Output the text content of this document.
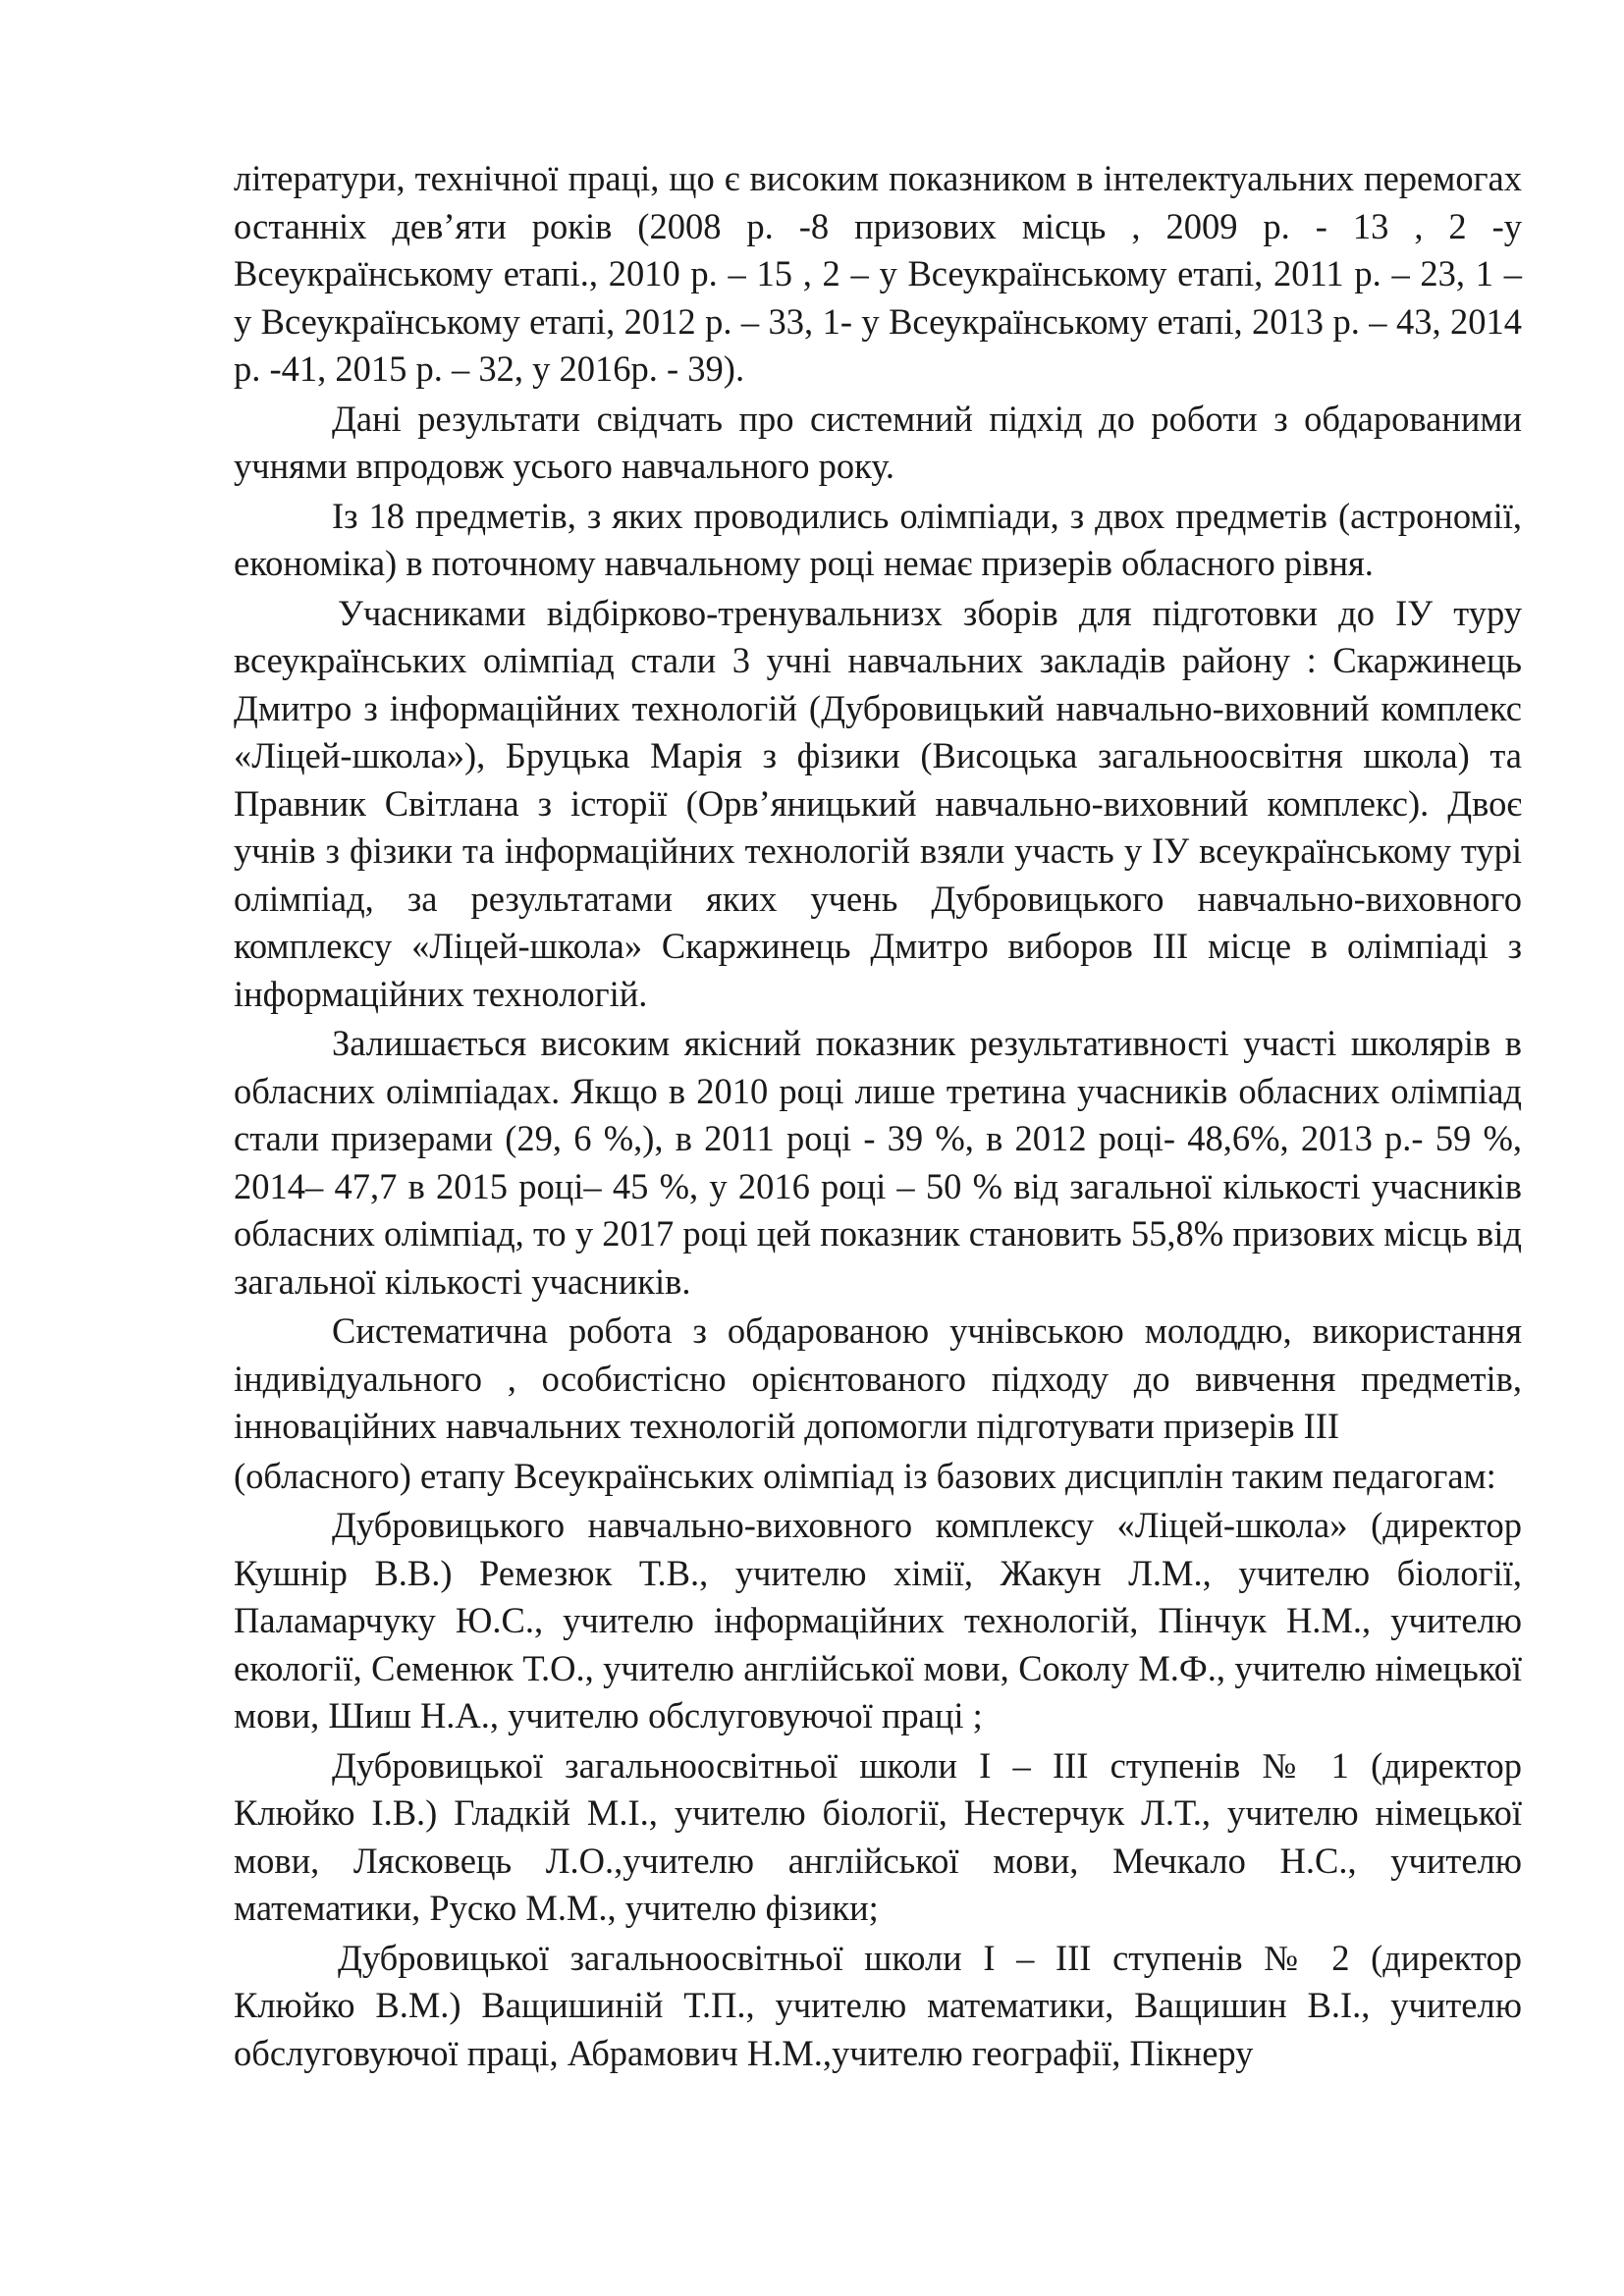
літератури, технічної праці, що є високим показником в інтелектуальних перемогах останніх дев’яти років (2008 р. -8 призових місць , 2009 р. - 13 , 2 -у Всеукраїнському етапі., 2010 р. – 15 , 2 – у Всеукраїнському етапі, 2011 р. – 23, 1 – у Всеукраїнському етапі, 2012 р. – 33, 1- у Всеукраїнському етапі, 2013 р. – 43, 2014 р. -41, 2015 р. – 32, у 2016р. - 39).

Дані результати свідчать про системний підхід до роботи з обдарованими учнями впродовж усього навчального року.

Із 18 предметів, з яких проводились олімпіади, з двох предметів (астрономії, економіка) в поточному навчальному році немає призерів обласного рівня.

Учасниками відбірково-тренувальнизх зборів для підготовки до ІУ туру всеукраїнських олімпіад стали 3 учні навчальних закладів району : Скаржинець Дмитро з інформаційних технологій (Дубровицький навчально-виховний комплекс «Ліцей-школа»), Бруцька Марія з фізики (Висоцька загальноосвітня школа) та Правник Світлана з історії (Орв’яницький навчально-виховний комплекс). Двоє учнів з фізики та інформаційних технологій взяли участь у ІУ всеукраїнському турі олімпіад, за результатами яких учень Дубровицького навчально-виховного комплексу «Ліцей-школа» Скаржинець Дмитро виборов ІІІ місце в олімпіаді з інформаційних технологій.

Залишається високим якісний показник результативності участі школярів в обласних олімпіадах. Якщо в 2010 році лише третина учасників обласних олімпіад стали призерами (29, 6 %,), в 2011 році - 39 %, в 2012 році- 48,6%, 2013 р.- 59 %, 2014– 47,7 в 2015 році– 45 %, у 2016 році – 50 % від загальної кількості учасників обласних олімпіад, то у 2017 році цей показник становить 55,8% призових місць від загальної кількості учасників.

Систематична робота з обдарованою учнівською молоддю, використання індивідуального , особистісно орієнтованого підходу до вивчення предметів, інноваційних навчальних технологій допомогли підготувати призерів ІІІ

(обласного) етапу Всеукраїнських олімпіад із базових дисциплін таким педагогам:

Дубровицького навчально-виховного комплексу «Ліцей-школа» (директор Кушнір В.В.) Ремезюк Т.В., учителю хімії, Жакун Л.М., учителю біології, Паламарчуку Ю.С., учителю інформаційних технологій, Пінчук Н.М., учителю екології, Семенюк Т.О., учителю англійської мови, Соколу М.Ф., учителю німецької мови, Шиш Н.А., учителю обслуговуючої праці ;

Дубровицької загальноосвітньої школи І – ІІІ ступенів № 1 (директор Клюйко І.В.) Гладкій М.І., учителю біології, Нестерчук Л.Т., учителю німецької мови, Лясковець Л.О.,учителю англійської мови, Мечкало Н.С., учителю математики, Руско М.М., учителю фізики;

Дубровицької загальноосвітньої школи І – ІІІ ступенів № 2 (директор Клюйко В.М.) Ващишиній Т.П., учителю математики, Ващишин В.І., учителю обслуговуючої праці, Абрамович Н.М.,учителю географії, Пікнеру
